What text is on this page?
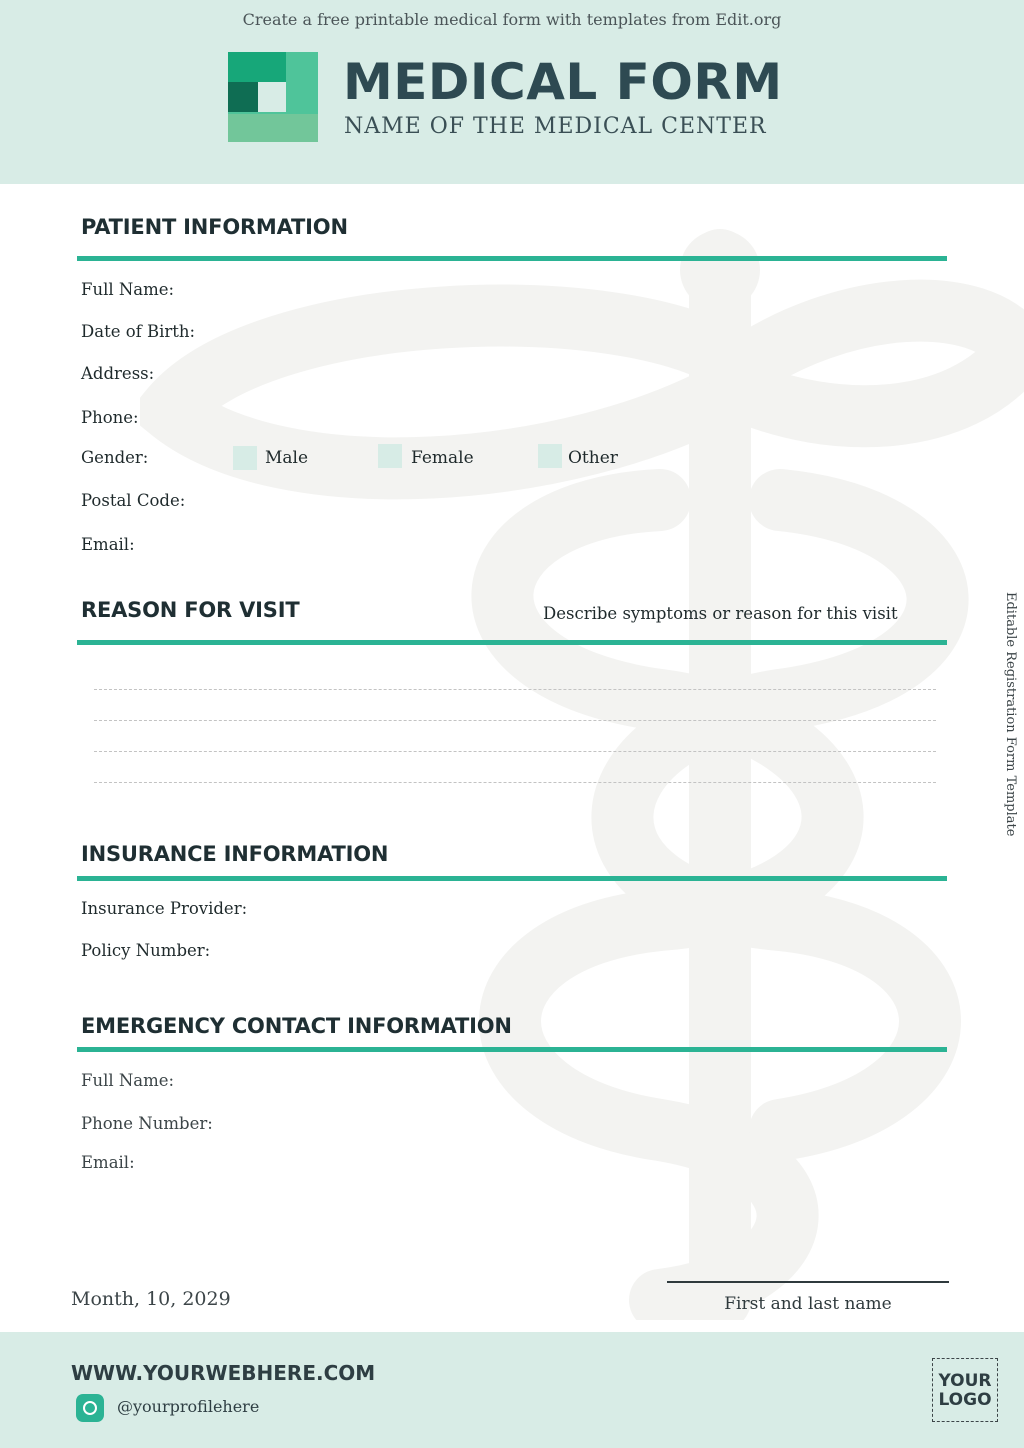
Create a free printable medical form with templates from Edit.org
MEDICAL FORM
NAME OF THE MEDICAL CENTER
PATIENT INFORMATION
Full Name:
Date of Birth:
Address:
Phone:
Gender:	Male	Female	Other
Postal Code:
Email:
REASON FOR VISIT	Describe symptoms or reason for this visit
INSURANCE INFORMATION
Insurance Provider:
Policy Number:
EMERGENCY CONTACT INFORMATION
Full Name:
Phone Number:
Email:
Editable Registration Form Template
Month, 10, 2029	First and last name
WWW.YOURWEBHERE.COM
@yourprofilehere
YOUR
LOGO
